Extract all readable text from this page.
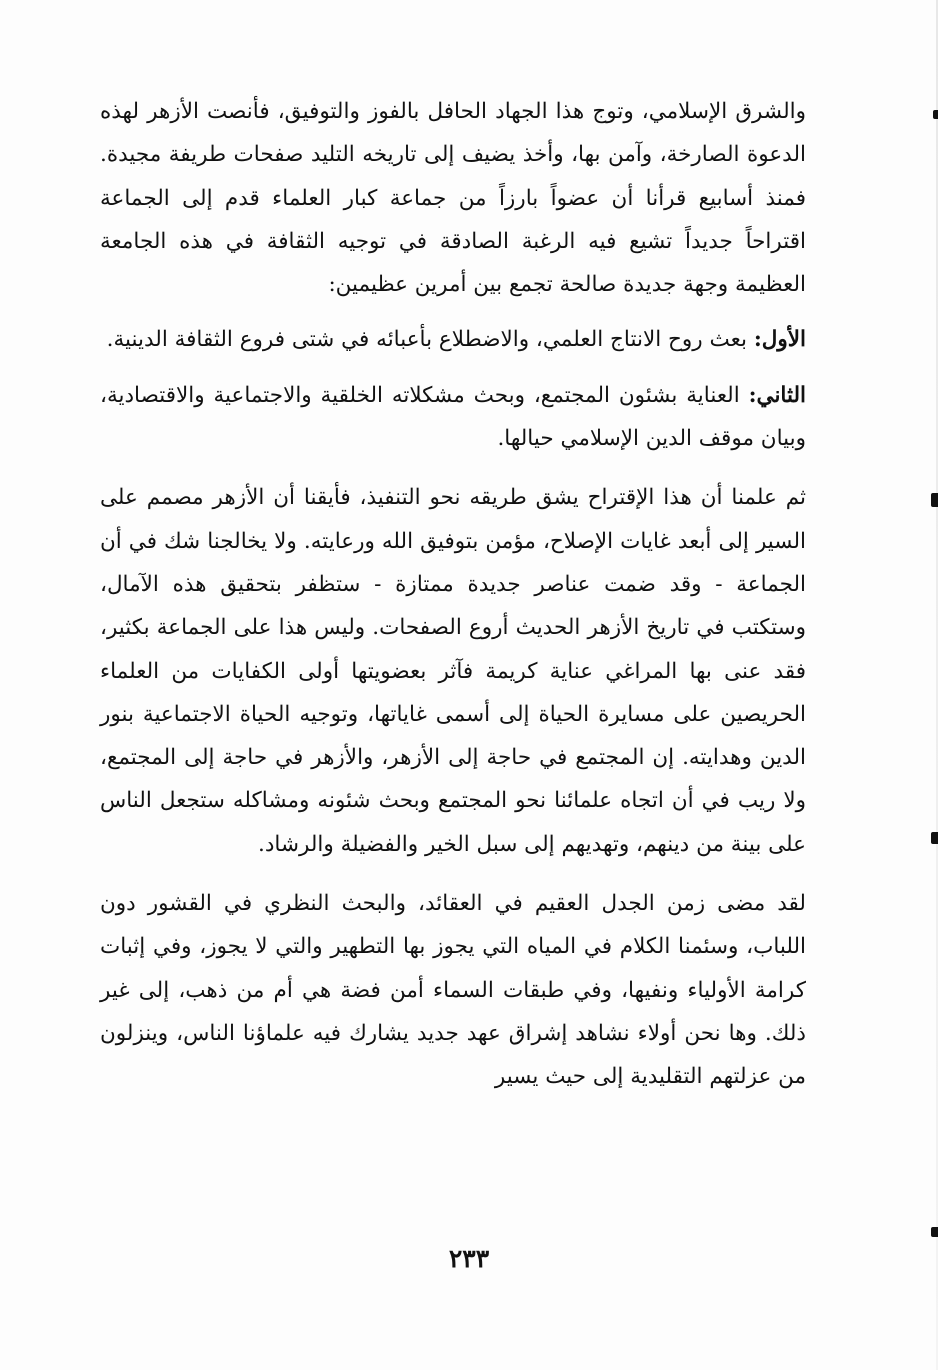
والشرق الإسلامي، وتوج هذا الجهاد الحافل بالفوز والتوفيق، فأنصت الأزهر لهذه الدعوة الصارخة، وآمن بها، وأخذ يضيف إلى تاريخه التليد صفحات طريفة مجيدة. فمنذ أسابيع قرأنا أن عضواً بارزاً من جماعة كبار العلماء قدم إلى الجماعة اقتراحاً جديداً تشيع فيه الرغبة الصادقة في توجيه الثقافة في هذه الجامعة العظيمة وجهة جديدة صالحة تجمع بين أمرين عظيمين:

الأول: بعث روح الانتاج العلمي، والاضطلاع بأعبائه في شتى فروع الثقافة الدينية.

الثاني: العناية بشئون المجتمع، وبحث مشكلاته الخلقية والاجتماعية والاقتصادية، وبيان موقف الدين الإسلامي حيالها.

ثم علمنا أن هذا الإقتراح يشق طريقه نحو التنفيذ، فأيقنا أن الأزهر مصمم على السير إلى أبعد غايات الإصلاح، مؤمن بتوفيق الله ورعايته. ولا يخالجنا شك في أن الجماعة - وقد ضمت عناصر جديدة ممتازة - ستظفر بتحقيق هذه الآمال، وستكتب في تاريخ الأزهر الحديث أروع الصفحات. وليس هذا على الجماعة بكثير، فقد عنى بها المراغي عناية كريمة فآثر بعضويتها أولى الكفايات من العلماء الحريصين على مسايرة الحياة إلى أسمى غاياتها، وتوجيه الحياة الاجتماعية بنور الدين وهدايته. إن المجتمع في حاجة إلى الأزهر، والأزهر في حاجة إلى المجتمع، ولا ريب في أن اتجاه علمائنا نحو المجتمع وبحث شئونه ومشاكله ستجعل الناس على بينة من دينهم، وتهديهم إلى سبل الخير والفضيلة والرشاد.

لقد مضى زمن الجدل العقيم في العقائد، والبحث النظري في القشور دون اللباب، وسئمنا الكلام في المياه التي يجوز بها التطهير والتي لا يجوز، وفي إثبات كرامة الأولياء ونفيها، وفي طبقات السماء أمن فضة هي أم من ذهب، إلى غير ذلك. وها نحن أولاء نشاهد إشراق عهد جديد يشارك فيه علماؤنا الناس، وينزلون من عزلتهم التقليدية إلى حيث يسير

٢٣٣
